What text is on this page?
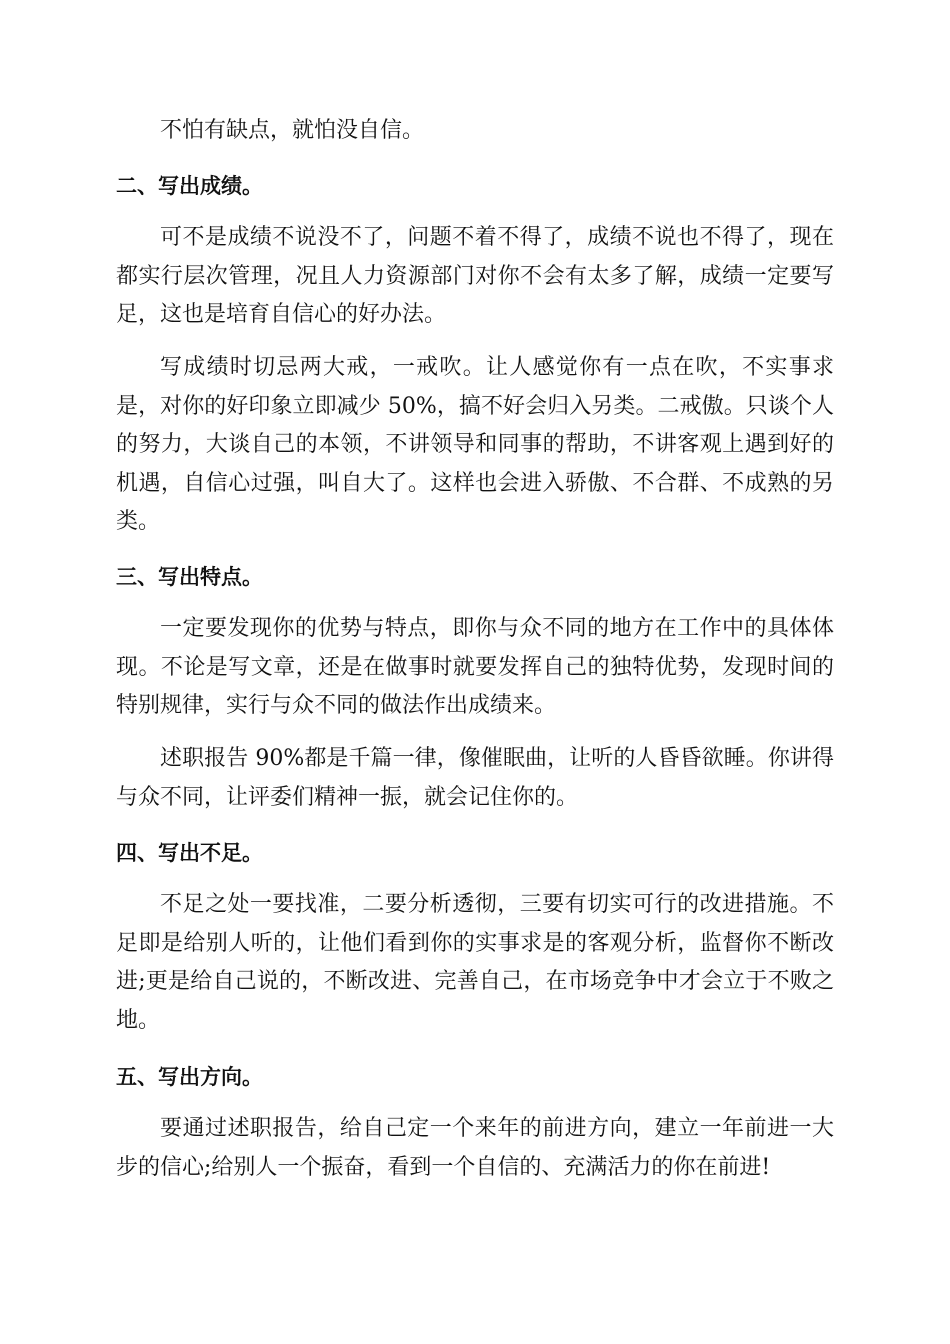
不怕有缺点，就怕没自信。

二、写出成绩。

可不是成绩不说没不了，问题不着不得了，成绩不说也不得了，现在都实行层次管理，况且人力资源部门对你不会有太多了解，成绩一定要写足，这也是培育自信心的好办法。

写成绩时切忌两大戒，一戒吹。让人感觉你有一点在吹，不实事求是，对你的好印象立即减少 50%，搞不好会归入另类。二戒傲。只谈个人的努力，大谈自己的本领，不讲领导和同事的帮助，不讲客观上遇到好的机遇，自信心过强，叫自大了。这样也会进入骄傲、不合群、不成熟的另类。

三、写出特点。

一定要发现你的优势与特点，即你与众不同的地方在工作中的具体体现。不论是写文章，还是在做事时就要发挥自己的独特优势，发现时间的特别规律，实行与众不同的做法作出成绩来。

述职报告 90%都是千篇一律，像催眠曲，让听的人昏昏欲睡。你讲得与众不同，让评委们精神一振，就会记住你的。

四、写出不足。

不足之处一要找准，二要分析透彻，三要有切实可行的改进措施。不足即是给别人听的，让他们看到你的实事求是的客观分析，监督你不断改进;更是给自己说的，不断改进、完善自己，在市场竞争中才会立于不败之地。

五、写出方向。

要通过述职报告，给自己定一个来年的前进方向，建立一年前进一大步的信心;给别人一个振奋，看到一个自信的、充满活力的你在前进!
